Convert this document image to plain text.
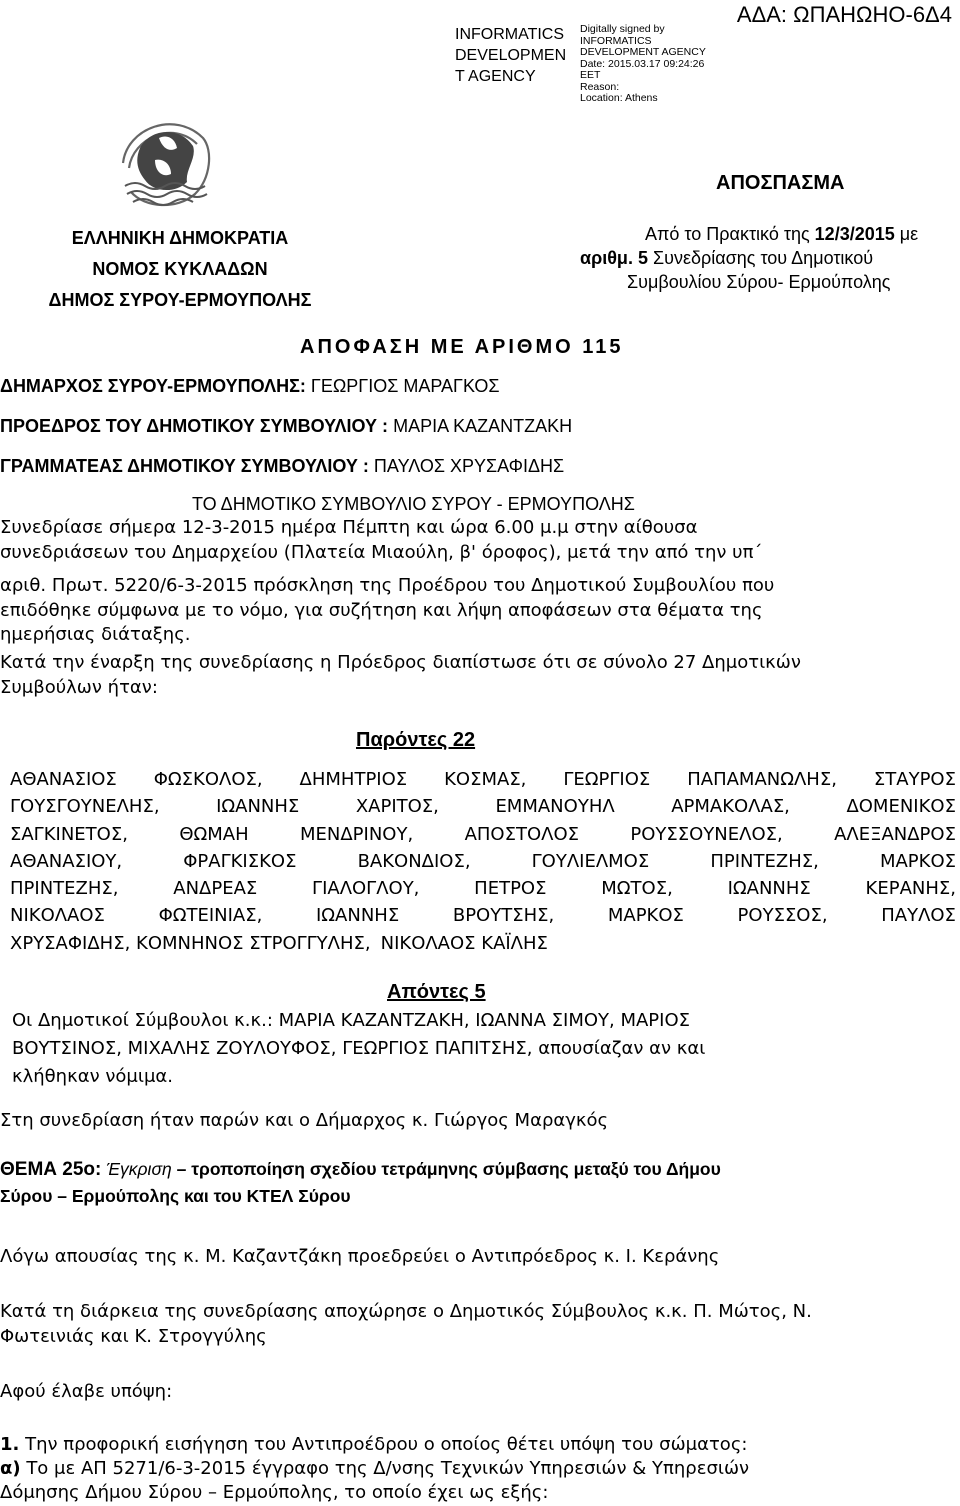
INFORMATICS DEVELOPMEN T AGENCY
Digitally signed by
INFORMATICS
DEVELOPMENT AGENCY
Date: 2015.03.17 09:24:26
EET
Reason:
Location: Athens
ΑΔΑ: ΩΠΑΗΩΗΟ-6Δ4
ΑΠΟΣΠΑΣΜΑ
ΕΛΛΗΝΙΚΗ ΔΗΜΟΚΡΑΤΙΑ
ΝΟΜΟΣ ΚΥΚΛΑΔΩΝ
ΔΗΜΟΣ ΣΥΡΟΥ-ΕΡΜΟΥΠΟΛΗΣ
Από το Πρακτικό της 12/3/2015 με
αριθμ. 5 Συνεδρίασης του Δημοτικού
Συμβουλίου Σύρου- Ερμούπολης
ΑΠΟΦΑΣΗ ΜΕ ΑΡΙΘΜΟ 115
ΔΗΜΑΡΧΟΣ ΣΥΡΟΥ-ΕΡΜΟΥΠΟΛΗΣ: ΓΕΩΡΓΙΟΣ ΜΑΡΑΓΚΟΣ
ΠΡΟΕΔΡΟΣ ΤΟΥ ΔΗΜΟΤΙΚΟΥ ΣΥΜΒΟΥΛΙΟΥ : ΜΑΡΙΑ ΚΑΖΑΝΤΖΑΚΗ
ΓΡΑΜΜΑΤΕΑΣ ΔΗΜΟΤΙΚΟΥ ΣΥΜΒΟΥΛΙΟΥ : ΠΑΥΛΟΣ ΧΡΥΣΑΦΙΔΗΣ
ΤΟ ΔΗΜΟΤΙΚΟ ΣΥΜΒΟΥΛΙΟ ΣΥΡΟΥ - ΕΡΜΟΥΠΟΛΗΣ
Συνεδρίασε σήμερα 12-3-2015 ημέρα Πέμπτη και ώρα 6.00 μ.μ στην αίθουσα
συνεδριάσεων του Δημαρχείου (Πλατεία Μιαούλη, β' όροφος), μετά την από την υπ΄
αριθ. Πρωτ. 5220/6-3-2015 πρόσκληση της Προέδρου του Δημοτικού Συμβουλίου που
επιδόθηκε σύμφωνα με το νόμο, για συζήτηση και λήψη αποφάσεων στα θέματα της
ημερήσιας διάταξης.
Κατά την έναρξη της συνεδρίασης η Πρόεδρος διαπίστωσε ότι σε σύνολο 27 Δημοτικών
Συμβούλων ήταν:
Παρόντες 22
ΑΘΑΝΑΣΙΟΣ ΦΩΣΚΟΛΟΣ, ΔΗΜΗΤΡΙΟΣ ΚΟΣΜΑΣ, ΓΕΩΡΓΙΟΣ ΠΑΠΑΜΑΝΩΛΗΣ, ΣΤΑΥΡΟΣ
ΓΟΥΣΓΟΥΝΕΛΗΣ,	ΙΩΑΝΝΗΣ	ΧΑΡΙΤΟΣ,	ΕΜΜΑΝΟΥΗΛ	ΑΡΜΑΚΟΛΑΣ,	ΔΟΜΕΝΙΚΟΣ
ΣΑΓΚΙΝΕΤΟΣ,	ΘΩΜΑΗ	ΜΕΝΔΡΙΝΟΥ,	ΑΠΟΣΤΟΛΟΣ	ΡΟΥΣΣΟΥΝΕΛΟΣ,	ΑΛΕΞΑΝΔΡΟΣ
ΑΘΑΝΑΣΙΟΥ,	ΦΡΑΓΚΙΣΚΟΣ	ΒΑΚΟΝΔΙΟΣ,	ΓΟΥΛΙΕΛΜΟΣ	ΠΡΙΝΤΕΖΗΣ,	ΜΑΡΚΟΣ
ΠΡΙΝΤΕΖΗΣ,	ΑΝΔΡΕΑΣ	ΓΙΑΛΟΓΛΟΥ,	ΠΕΤΡΟΣ	ΜΩΤΟΣ,	ΙΩΑΝΝΗΣ	ΚΕΡΑΝΗΣ,
ΝΙΚΟΛΑΟΣ	ΦΩΤΕΙΝΙΑΣ,	ΙΩΑΝΝΗΣ	ΒΡΟΥΤΣΗΣ,	ΜΑΡΚΟΣ	ΡΟΥΣΣΟΣ,	ΠΑΥΛΟΣ
ΧΡΥΣΑΦΙΔΗΣ, ΚΟΜΝΗΝΟΣ ΣΤΡΟΓΓΥΛΗΣ, ΝΙΚΟΛΑΟΣ ΚΑΪΛΗΣ
Απόντες 5
Οι Δημοτικοί Σύμβουλοι κ.κ.: ΜΑΡΙΑ ΚΑΖΑΝΤΖΑΚΗ, ΙΩΑΝΝΑ ΣΙΜΟΥ, ΜΑΡΙΟΣ
ΒΟΥΤΣΙΝΟΣ, ΜΙΧΑΛΗΣ ΖΟΥΛΟΥΦΟΣ, ΓΕΩΡΓΙΟΣ ΠΑΠΙΤΣΗΣ, απουσίαζαν αν και
κλήθηκαν νόμιμα.
Στη συνεδρίαση ήταν παρών και ο Δήμαρχος κ. Γιώργος Μαραγκός
ΘΕΜΑ 25ο: Έγκριση – τροποποίηση σχεδίου τετράμηνης σύμβασης μεταξύ του Δήμου
Σύρου – Ερμούπολης και του ΚΤΕΛ Σύρου
Λόγω απουσίας της κ. Μ. Καζαντζάκη προεδρεύει ο Αντιπρόεδρος κ. Ι. Κεράνης
Κατά τη διάρκεια της συνεδρίασης αποχώρησε ο Δημοτικός Σύμβουλος κ.κ. Π. Μώτος, Ν.
Φωτεινιάς και Κ. Στρογγύλης
Αφού έλαβε υπόψη:
1. Την προφορική εισήγηση του Αντιπροέδρου ο οποίος θέτει υπόψη του σώματος:
α) Το με ΑΠ 5271/6-3-2015 έγγραφο της Δ/νσης Τεχνικών Υπηρεσιών & Υπηρεσιών
Δόμησης Δήμου Σύρου – Ερμούπολης, το οποίο έχει ως εξής:
